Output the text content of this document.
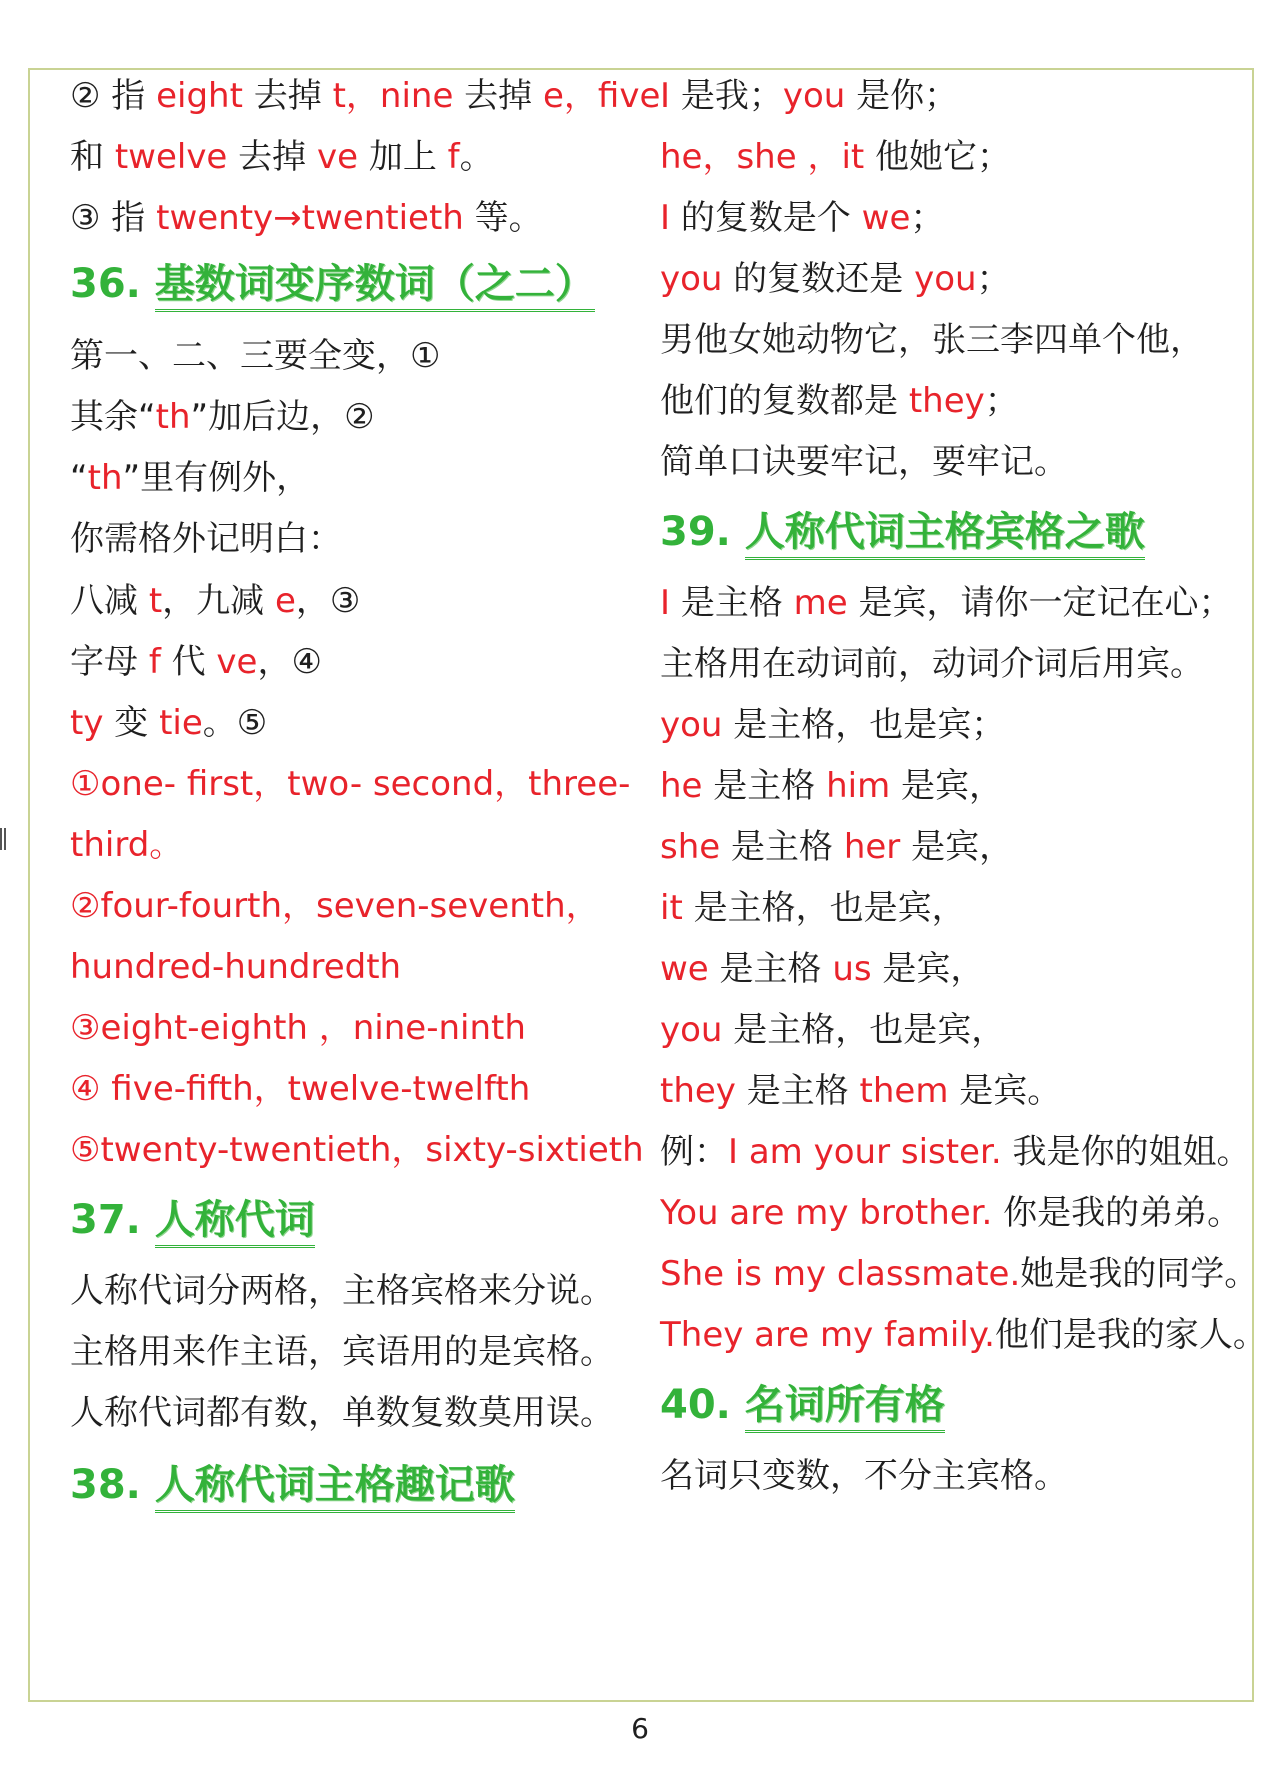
② 指 eight 去掉 t，nine 去掉 e，five
和 twelve 去掉 ve 加上 f。
③ 指 twenty→twentieth 等。
36. 基数词变序数词（之二）
第一、二、三要全变，①
其余“th”加后边，②
“th”里有例外，
你需格外记明白：
八减 t，九减 e，③
字母 f 代 ve，④
ty 变 tie。⑤
①one- first，two- second，three-
third。
②four-fourth，seven-seventh，
hundred-hundredth
③eight-eighth ，nine-ninth
④ five-fifth，twelve-twelfth
⑤twenty-twentieth，sixty-sixtieth
37. 人称代词
人称代词分两格，主格宾格来分说。
主格用来作主语，宾语用的是宾格。
人称代词都有数，单数复数莫用误。
38. 人称代词主格趣记歌
I 是我；you 是你；
he，she ，it 他她它；
I 的复数是个 we；
you 的复数还是 you；
男他女她动物它，张三李四单个他，
他们的复数都是 they；
简单口诀要牢记，要牢记。
39. 人称代词主格宾格之歌
I 是主格 me 是宾，请你一定记在心；
主格用在动词前，动词介词后用宾。
you 是主格，也是宾；
he 是主格 him 是宾，
she 是主格 her 是宾，
it 是主格，也是宾，
we 是主格 us 是宾，
you 是主格，也是宾，
they 是主格 them 是宾。
例：I am your sister. 我是你的姐姐。
You are my brother. 你是我的弟弟。
She is my classmate.她是我的同学。
They are my family.他们是我的家人。
40. 名词所有格
名词只变数，不分主宾格。
6
